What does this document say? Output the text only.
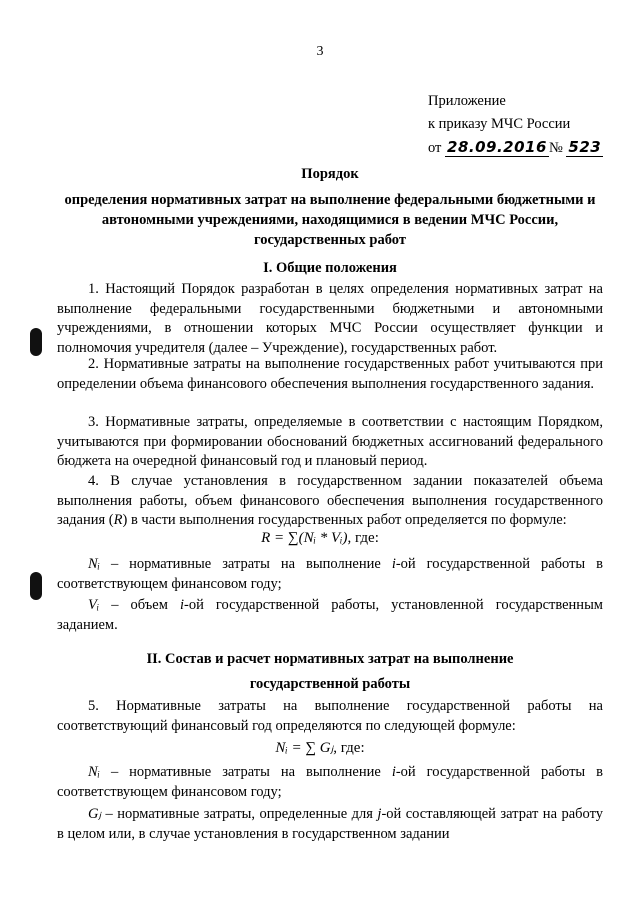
3
Приложение
к приказу МЧС России
от 28.09.2016 № 523
Порядок
определения нормативных затрат на выполнение федеральными бюджетными и автономными учреждениями, находящимися в ведении МЧС России, государственных работ
I. Общие положения
1. Настоящий Порядок разработан в целях определения нормативных затрат на выполнение федеральными государственными бюджетными и автономными учреждениями, в отношении которых МЧС России осуществляет функции и полномочия учредителя (далее – Учреждение), государственных работ.
2. Нормативные затраты на выполнение государственных работ учитываются при определении объема финансового обеспечения выполнения государственного задания.
3. Нормативные затраты, определяемые в соответствии с настоящим Порядком, учитываются при формировании обоснований бюджетных ассигнований федерального бюджета на очередной финансовый год и плановый период.
4. В случае установления в государственном задании показателей объема выполнения работы, объем финансового обеспечения выполнения государственного задания (R) в части выполнения государственных работ определяется по формуле:
R = ∑(Nᵢ * Vᵢ), где:
Nᵢ – нормативные затраты на выполнение i-ой государственной работы в соответствующем финансовом году;
Vᵢ – объем i-ой государственной работы, установленной государственным заданием.
II. Состав и расчет нормативных затрат на выполнение
государственной работы
5. Нормативные затраты на выполнение государственной работы на соответствующий финансовый год определяются по следующей формуле:
Nᵢ = ∑ Gⱼ, где:
Nᵢ – нормативные затраты на выполнение i-ой государственной работы в соответствующем финансовом году;
Gⱼ – нормативные затраты, определенные для j-ой составляющей затрат на работу в целом или, в случае установления в государственном задании
